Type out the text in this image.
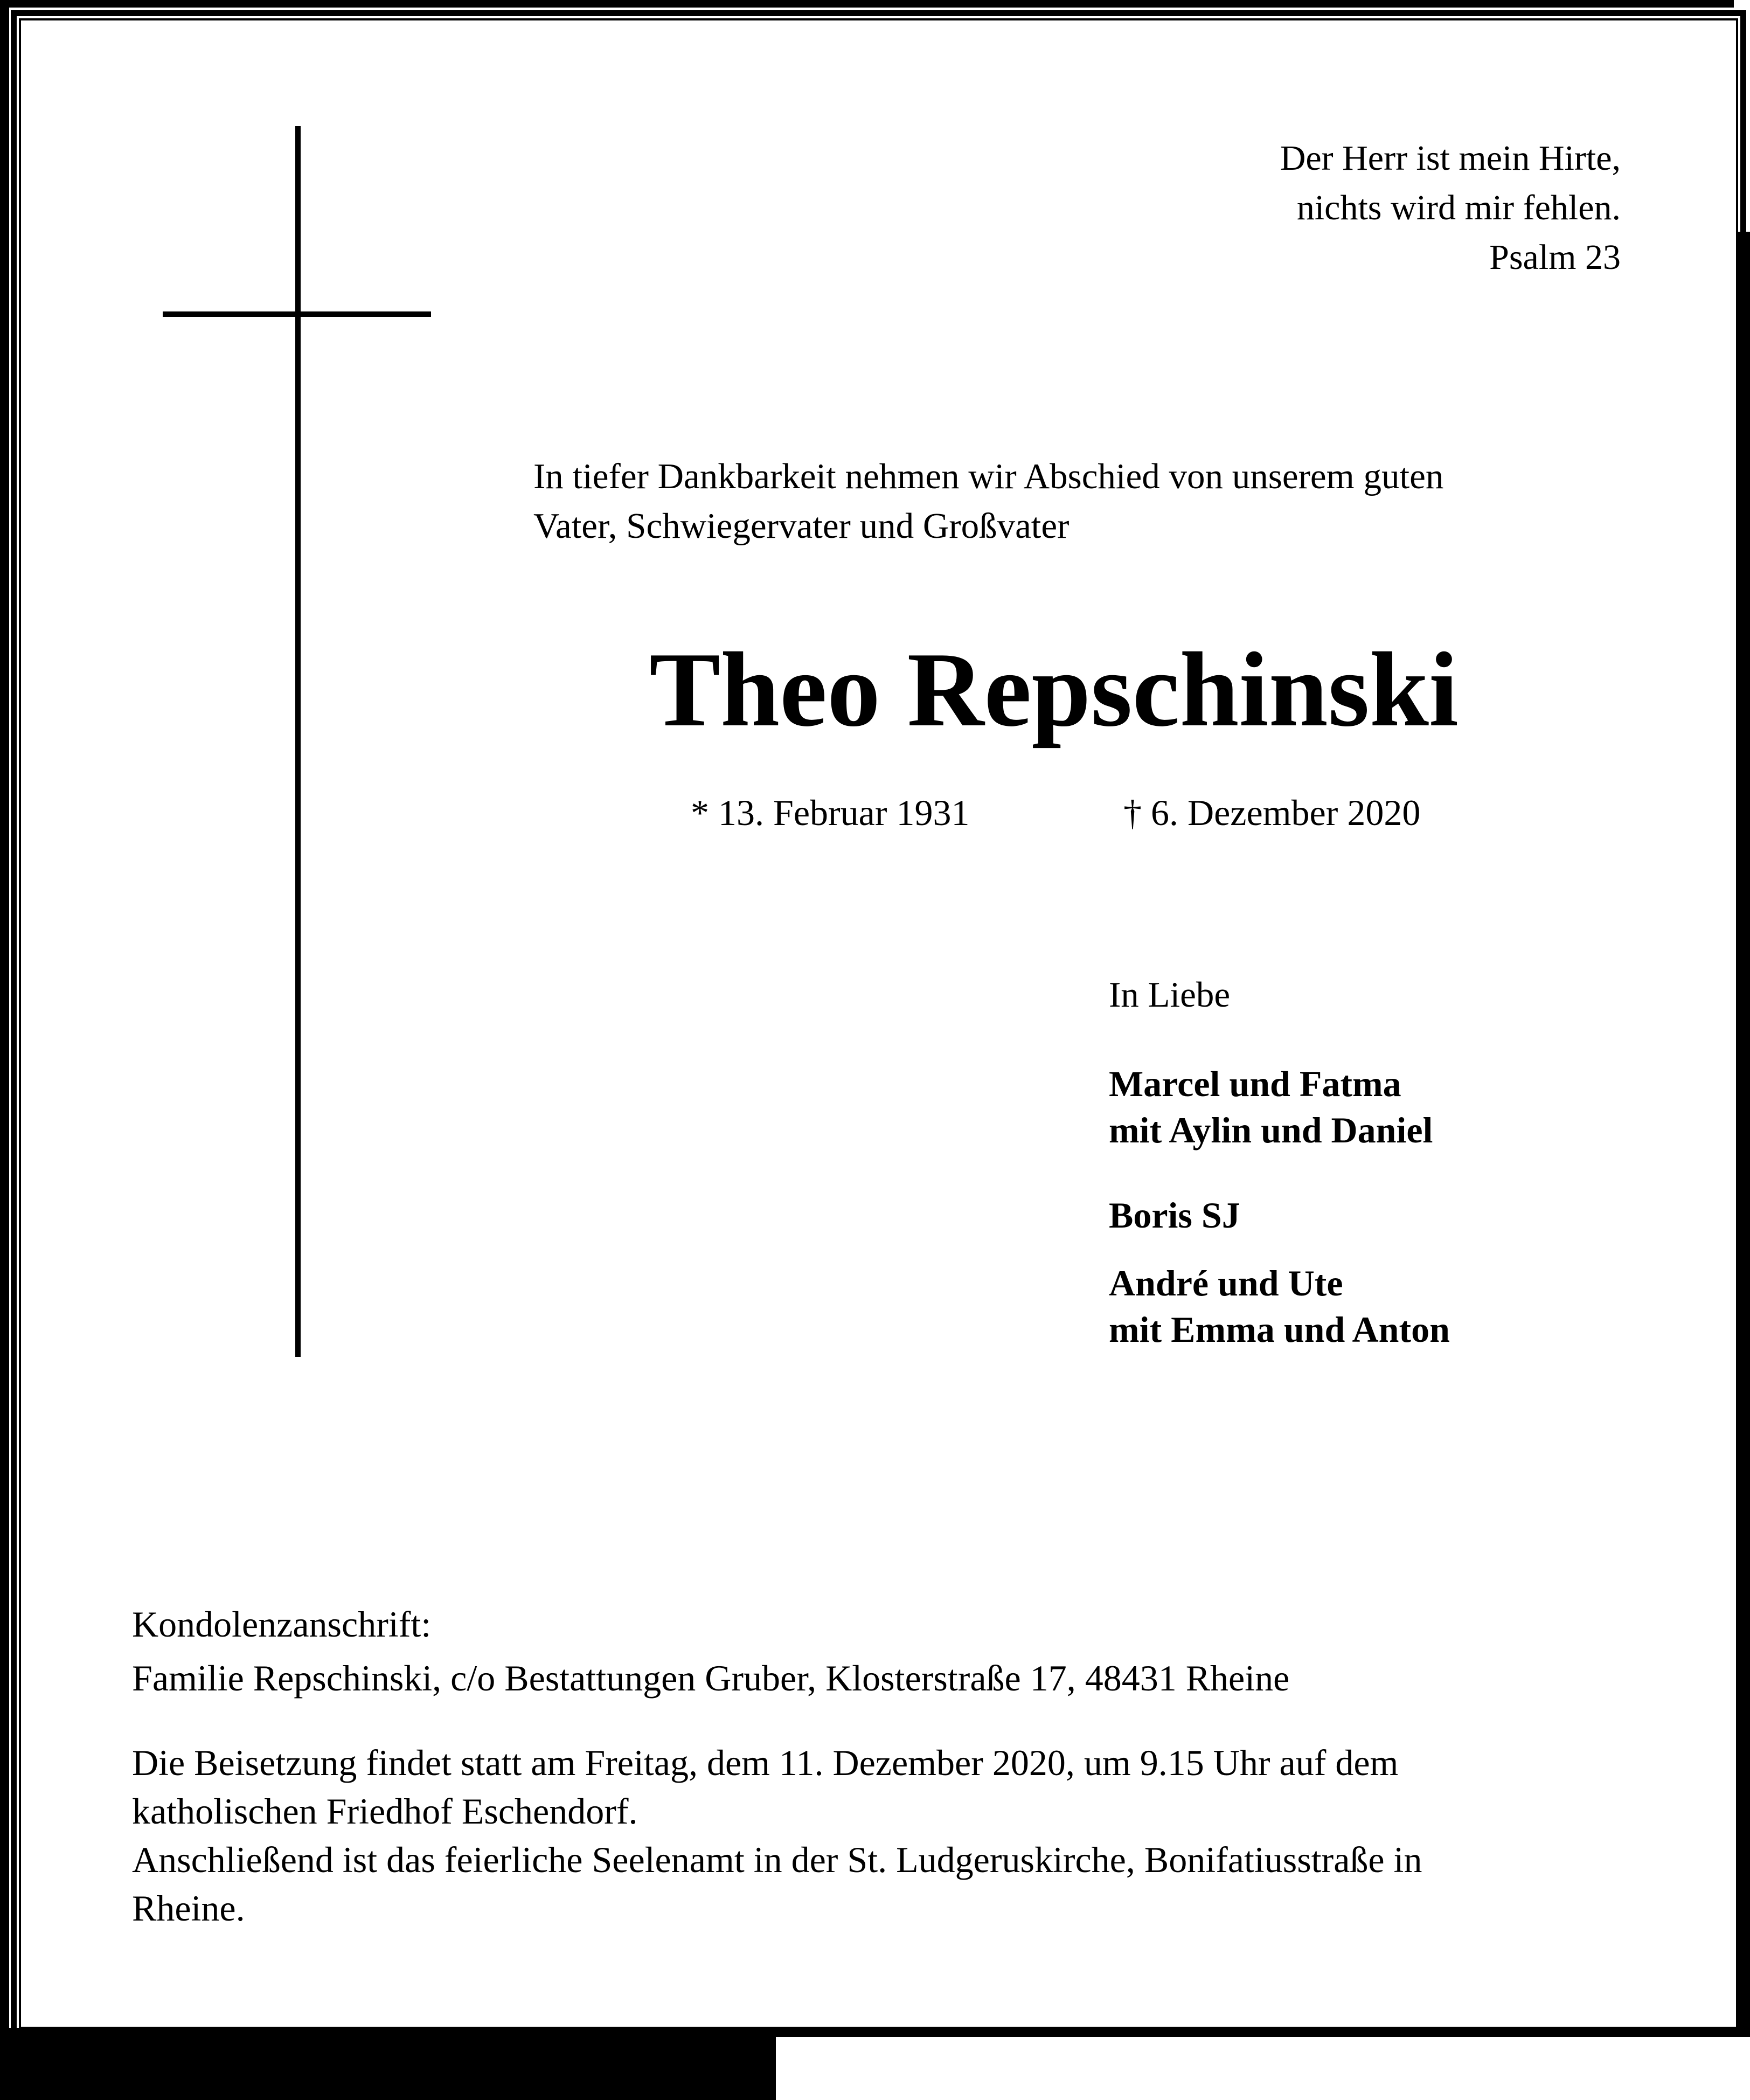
Der Herr ist mein Hirte,
nichts wird mir fehlen.
Psalm 23
In tiefer Dankbarkeit nehmen wir Abschied von unserem guten
Vater, Schwiegervater und Großvater
Theo Repschinski
* 13. Februar 1931	† 6. Dezember 2020
In Liebe
Marcel und Fatma
mit Aylin und Daniel
Boris SJ
André und Ute
mit Emma und Anton
Kondolenzanschrift:
Familie Repschinski, c/o Bestattungen Gruber, Klosterstraße 17, 48431 Rheine
Die Beisetzung findet statt am Freitag, dem 11. Dezember 2020, um 9.15 Uhr auf dem
katholischen Friedhof Eschendorf.
Anschließend ist das feierliche Seelenamt in der St. Ludgeruskirche, Bonifatiusstraße in
Rheine.
